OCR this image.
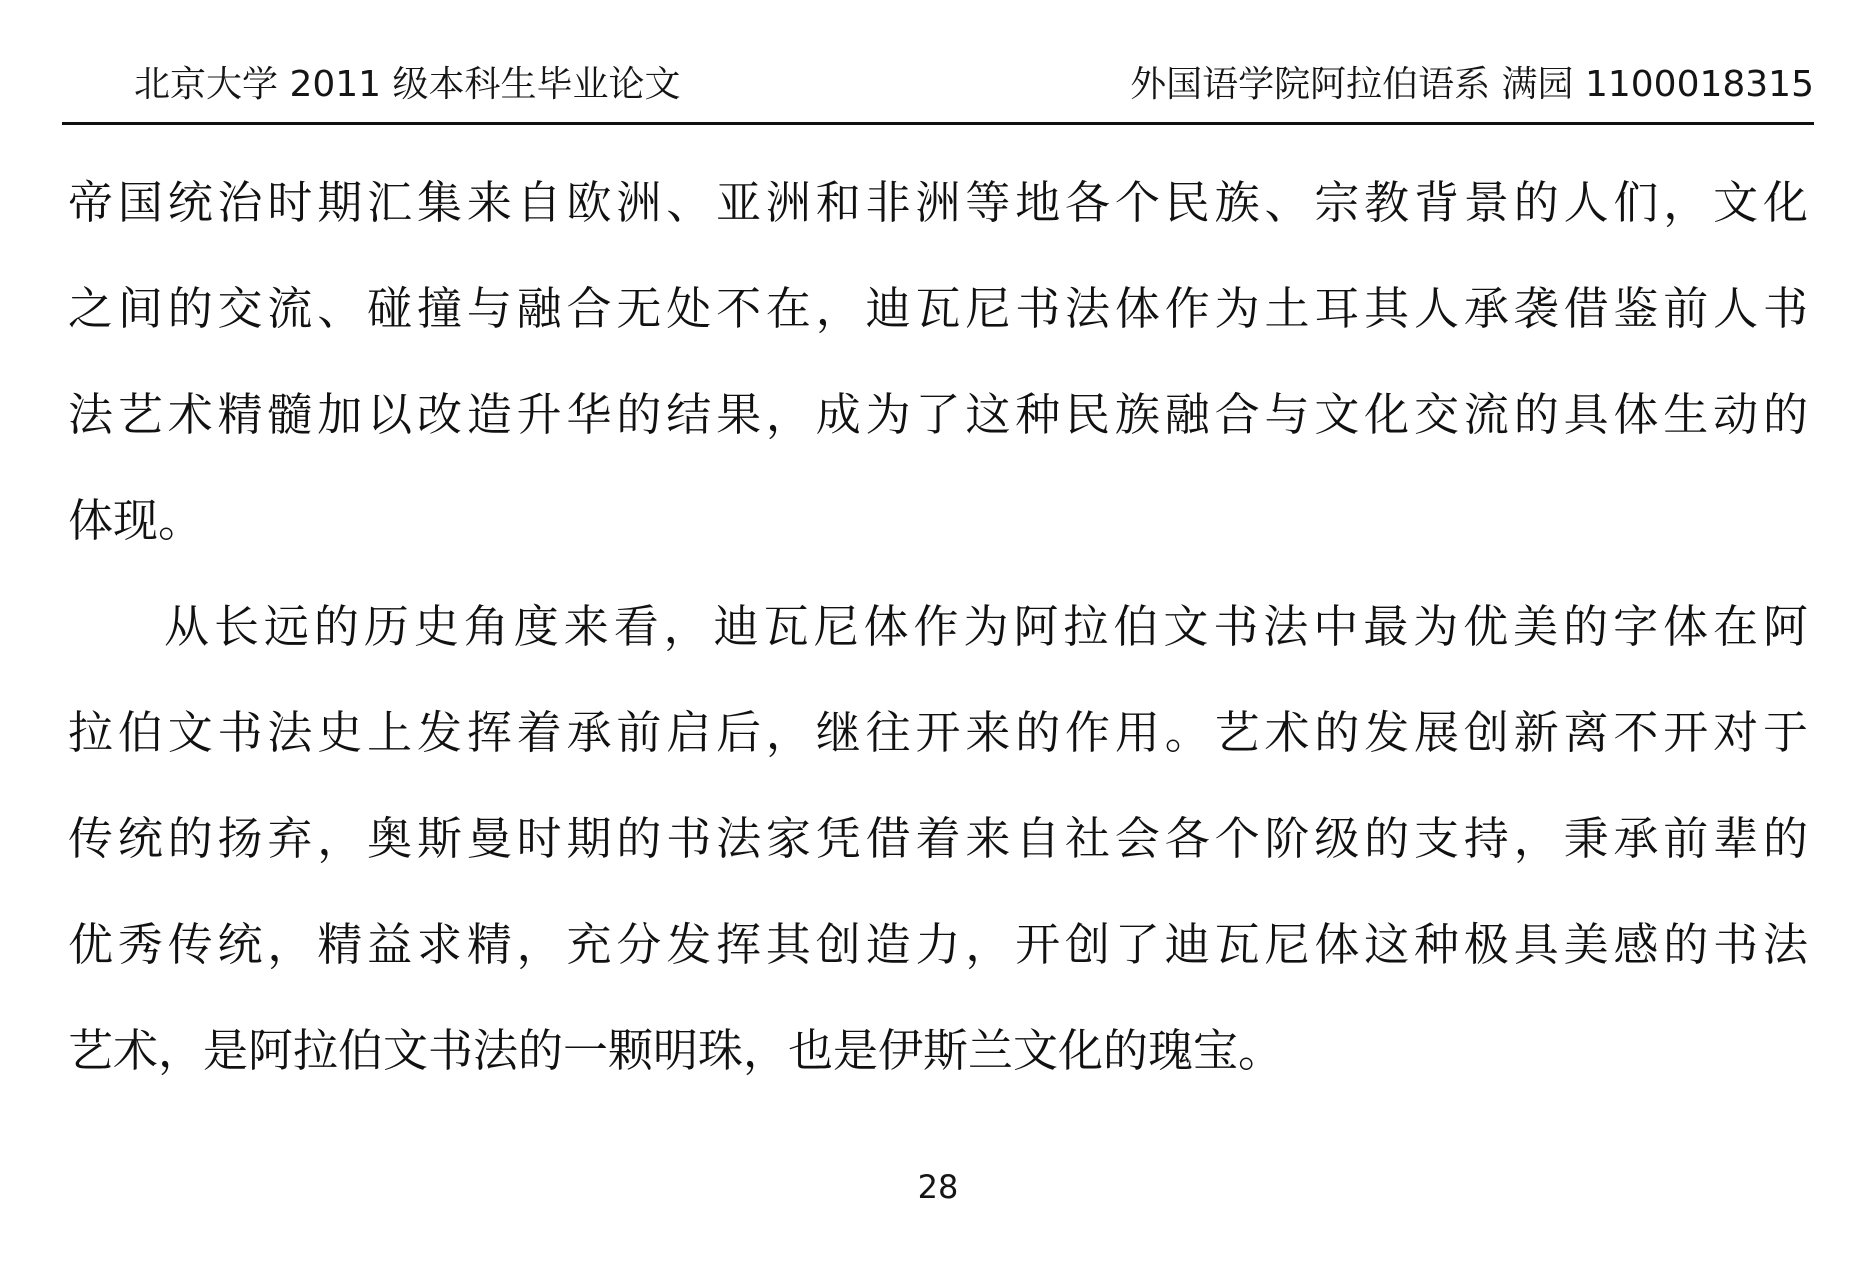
北京大学 2011 级本科生毕业论文	外国语学院阿拉伯语系 满园 1100018315
帝国统治时期汇集来自欧洲、亚洲和非洲等地各个民族、宗教背景的人们，文化
之间的交流、碰撞与融合无处不在，迪瓦尼书法体作为土耳其人承袭借鉴前人书
法艺术精髓加以改造升华的结果，成为了这种民族融合与文化交流的具体生动的
体现。
从长远的历史角度来看，迪瓦尼体作为阿拉伯文书法中最为优美的字体在阿
拉伯文书法史上发挥着承前启后，继往开来的作用。艺术的发展创新离不开对于
传统的扬弃，奥斯曼时期的书法家凭借着来自社会各个阶级的支持，秉承前辈的
优秀传统，精益求精，充分发挥其创造力，开创了迪瓦尼体这种极具美感的书法
艺术，是阿拉伯文书法的一颗明珠，也是伊斯兰文化的瑰宝。
28
